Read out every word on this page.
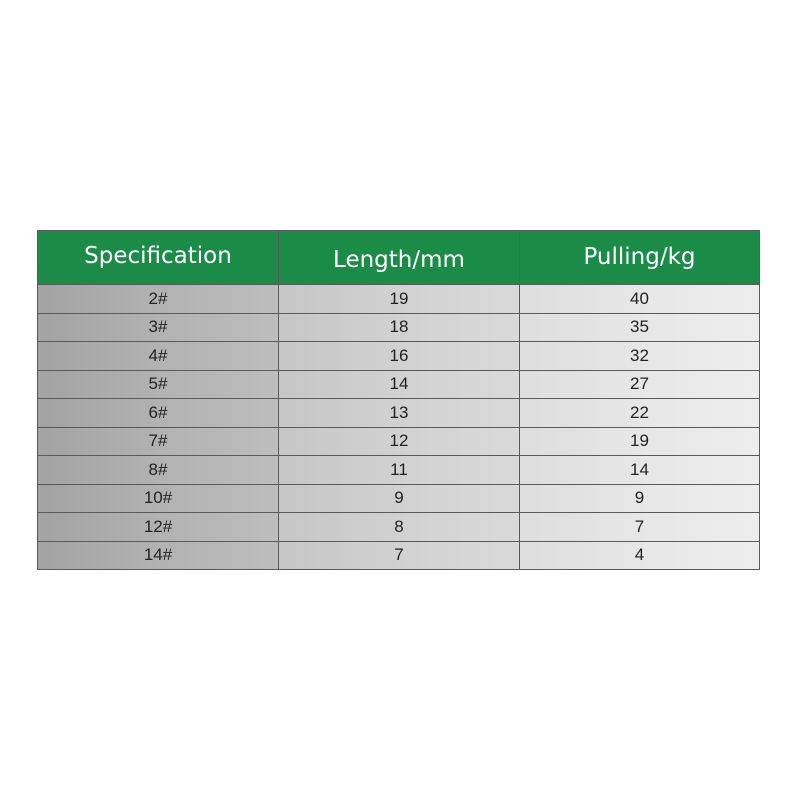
Specification	Length/mm	Pulling/kg
2#	19	40
3#	18	35
4#	16	32
5#	14	27
6#	13	22
7#	12	19
8#	11	14
10#	9	9
12#	8	7
14#	7	4
